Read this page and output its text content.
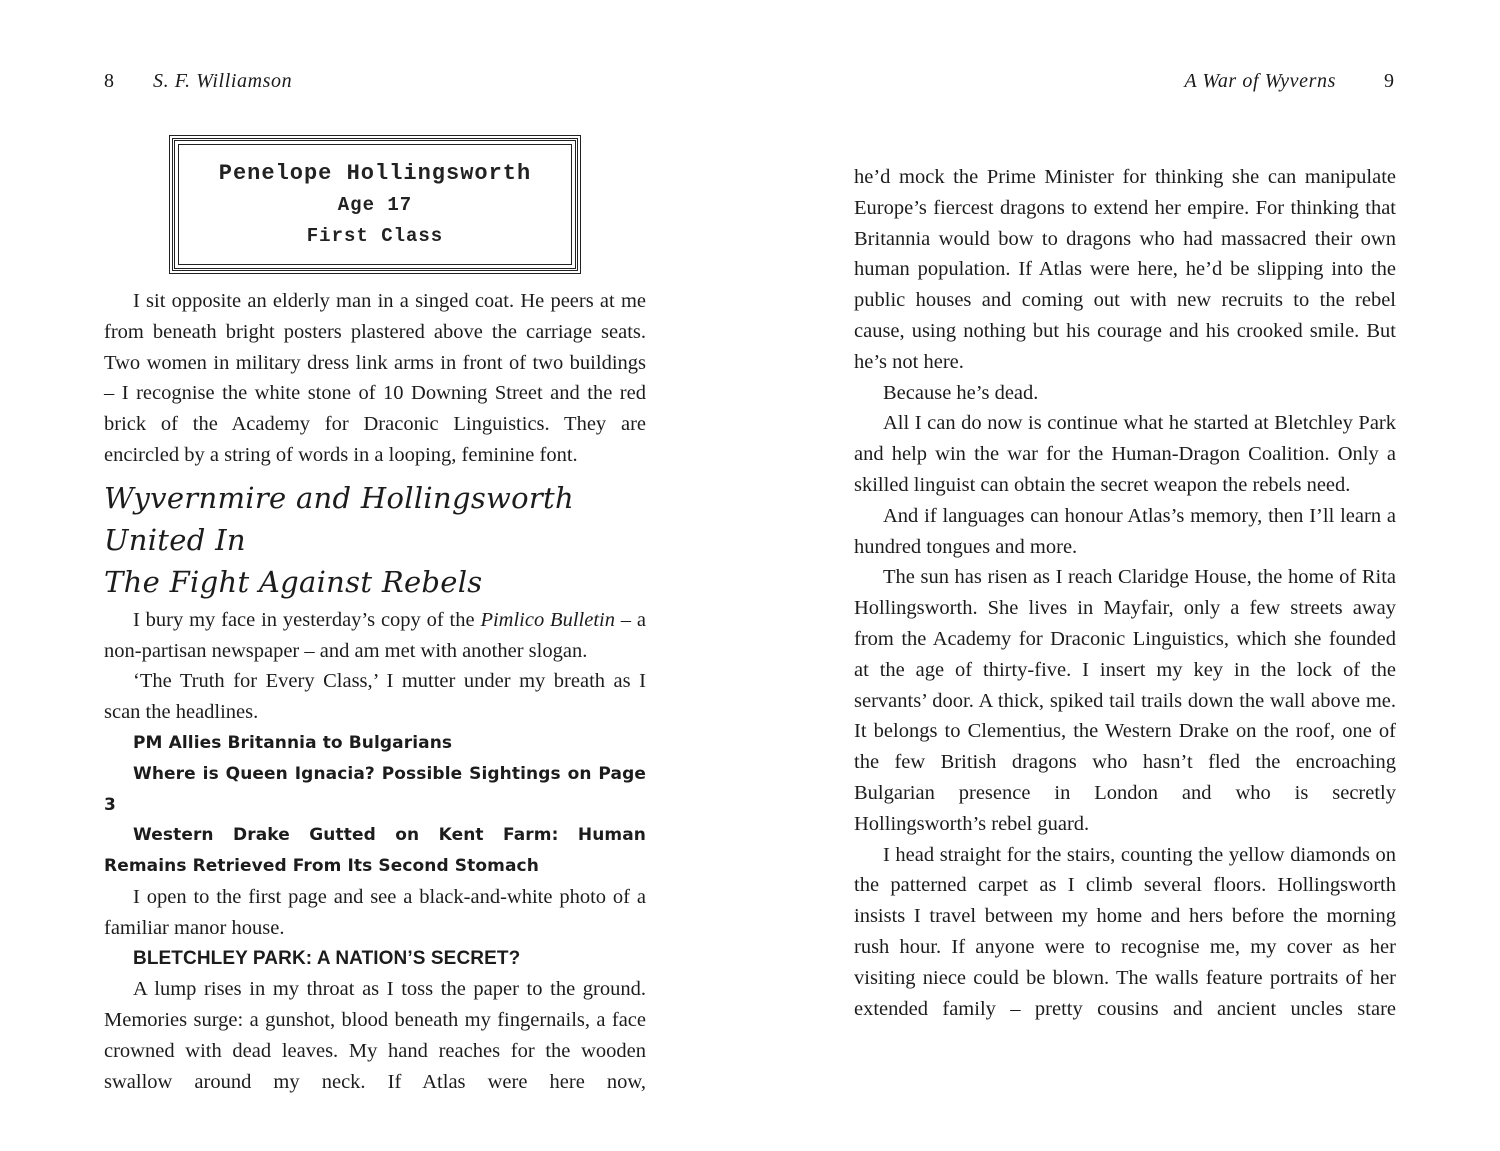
8 S. F. Williamson
Penelope Hollingsworth
Age 17
First Class

I sit opposite an elderly man in a singed coat. He peers at me from beneath bright posters plastered above the carriage seats. Two women in military dress link arms in front of two buildings – I recognise the white stone of 10 Downing Street and the red brick of the Academy for Draconic Linguistics. They are encircled by a string of words in a looping, feminine font.

Wyvernmire and Hollingsworth United In
The Fight Against Rebels

I bury my face in yesterday’s copy of the Pimlico Bulletin – a non-partisan newspaper – and am met with another slogan.

‘The Truth for Every Class,’ I mutter under my breath as I scan the headlines.

PM Allies Britannia to Bulgarians

Where is Queen Ignacia? Possible Sightings on Page 3

Western Drake Gutted on Kent Farm: Human Remains Retrieved From Its Second Stomach

I open to the first page and see a black-and-white photo of a familiar manor house.

BLETCHLEY PARK: A NATION’S SECRET?

A lump rises in my throat as I toss the paper to the ground. Memories surge: a gunshot, blood beneath my fingernails, a face crowned with dead leaves. My hand reaches for the wooden swallow around my neck. If Atlas were here now,

A War of Wyverns 9

he’d mock the Prime Minister for thinking she can manipulate Europe’s fiercest dragons to extend her empire. For thinking that Britannia would bow to dragons who had massacred their own human population. If Atlas were here, he’d be slipping into the public houses and coming out with new recruits to the rebel cause, using nothing but his courage and his crooked smile. But he’s not here.

Because he’s dead.

All I can do now is continue what he started at Bletchley Park and help win the war for the Human-Dragon Coalition. Only a skilled linguist can obtain the secret weapon the rebels need.

And if languages can honour Atlas’s memory, then I’ll learn a hundred tongues and more.

The sun has risen as I reach Claridge House, the home of Rita Hollingsworth. She lives in Mayfair, only a few streets away from the Academy for Draconic Linguistics, which she founded at the age of thirty-five. I insert my key in the lock of the servants’ door. A thick, spiked tail trails down the wall above me. It belongs to Clementius, the Western Drake on the roof, one of the few British dragons who hasn’t fled the encroaching Bulgarian presence in London and who is secretly Hollingsworth’s rebel guard.

I head straight for the stairs, counting the yellow diamonds on the patterned carpet as I climb several floors. Hollingsworth insists I travel between my home and hers before the morning rush hour. If anyone were to recognise me, my cover as her visiting niece could be blown. The walls feature portraits of her extended family – pretty cousins and ancient uncles stare
